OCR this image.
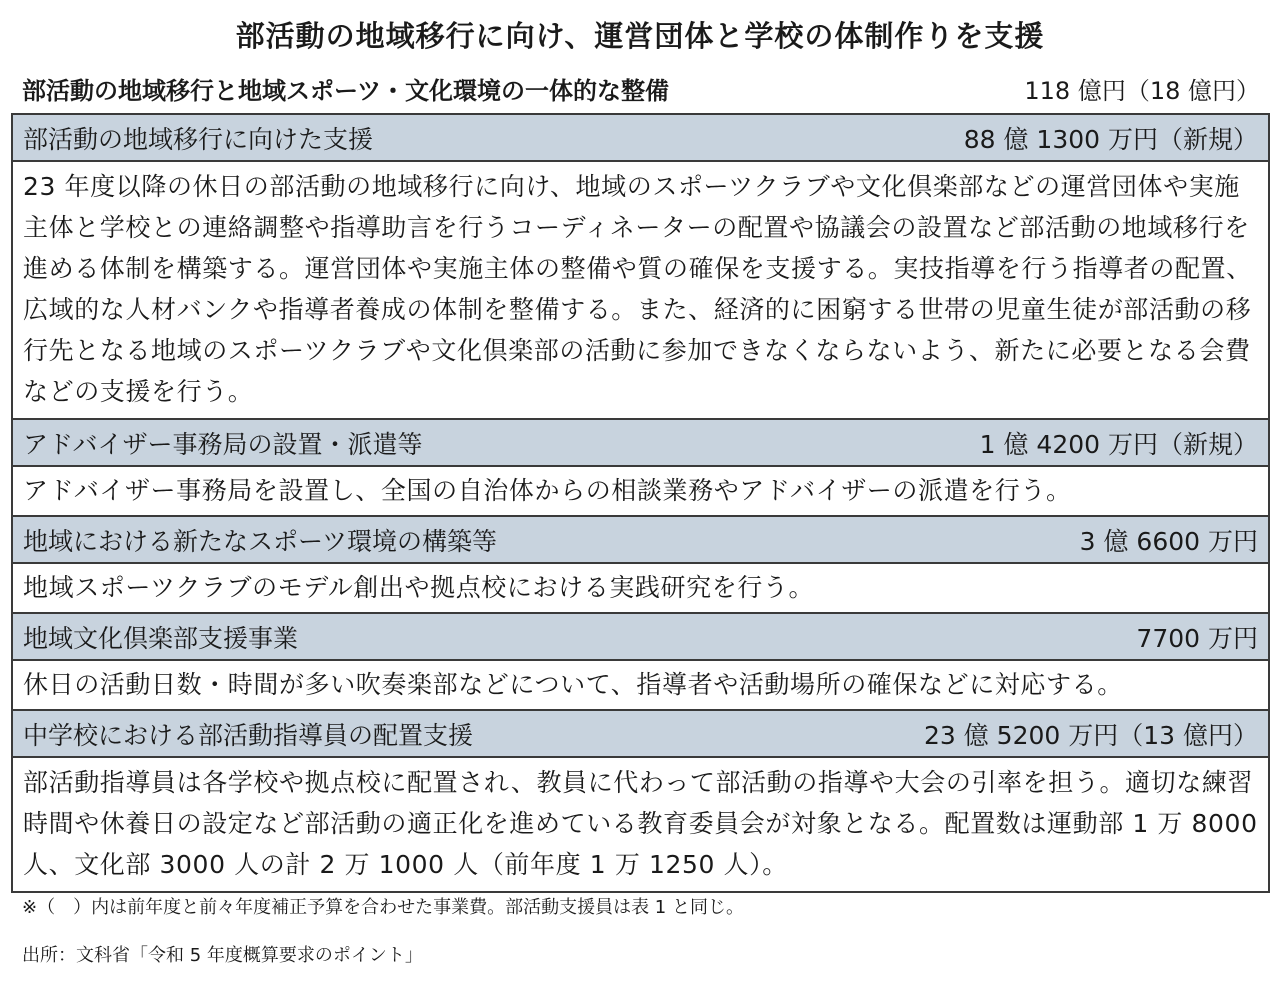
部活動の地域移行に向け、運営団体と学校の体制作りを支援
部活動の地域移行と地域スポーツ・文化環境の一体的な整備	118 億円（18 億円）
部活動の地域移行に向けた支援	88 億 1300 万円（新規）
23 年度以降の休日の部活動の地域移行に向け、地域のスポーツクラブや文化倶楽部などの運営団体や実施主体と学校との連絡調整や指導助言を行うコーディネーターの配置や協議会の設置など部活動の地域移行を進める体制を構築する。運営団体や実施主体の整備や質の確保を支援する。実技指導を行う指導者の配置、広域的な人材バンクや指導者養成の体制を整備する。また、経済的に困窮する世帯の児童生徒が部活動の移行先となる地域のスポーツクラブや文化倶楽部の活動に参加できなくならないよう、新たに必要となる会費などの支援を行う。
アドバイザー事務局の設置・派遣等	1 億 4200 万円（新規）
アドバイザー事務局を設置し、全国の自治体からの相談業務やアドバイザーの派遣を行う。
地域における新たなスポーツ環境の構築等	3 億 6600 万円
地域スポーツクラブのモデル創出や拠点校における実践研究を行う。
地域文化倶楽部支援事業	7700 万円
休日の活動日数・時間が多い吹奏楽部などについて、指導者や活動場所の確保などに対応する。
中学校における部活動指導員の配置支援	23 億 5200 万円（13 億円）
部活動指導員は各学校や拠点校に配置され、教員に代わって部活動の指導や大会の引率を担う。適切な練習時間や休養日の設定など部活動の適正化を進めている教育委員会が対象となる。配置数は運動部 1 万 8000 人、文化部 3000 人の計 2 万 1000 人（前年度 1 万 1250 人）。
※（　）内は前年度と前々年度補正予算を合わせた事業費。部活動支援員は表 1 と同じ。
出所：文科省「令和 5 年度概算要求のポイント」
